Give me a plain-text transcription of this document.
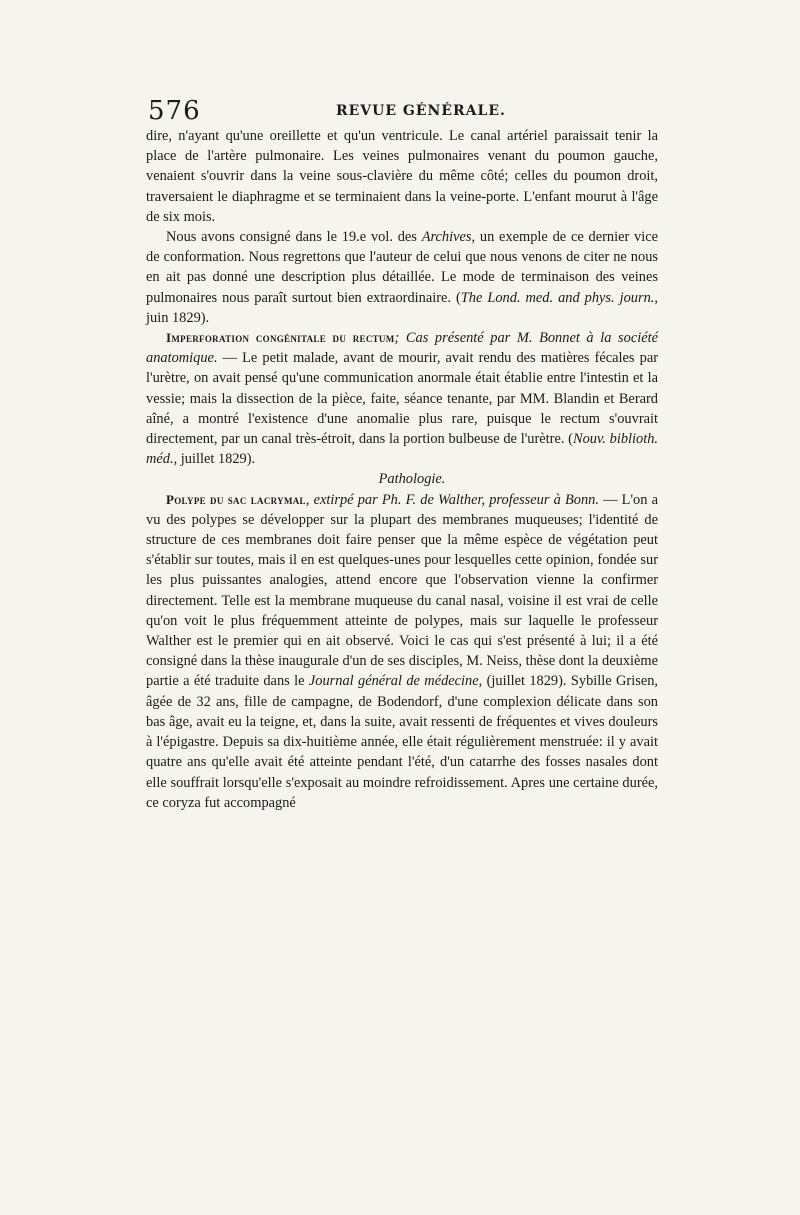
576	REVUE GÉNÉRALE.

dire, n'ayant qu'une oreillette et qu'un ventricule. Le canal artériel paraissait tenir la place de l'artère pulmonaire. Les veines pulmonaires venant du poumon gauche, venaient s'ouvrir dans la veine sous-clavière du même côté; celles du poumon droit, traversaient le diaphragme et se terminaient dans la veine-porte. L'enfant mourut à l'âge de six mois.

Nous avons consigné dans le 19.e vol. des Archives, un exemple de ce dernier vice de conformation. Nous regrettons que l'auteur de celui que nous venons de citer ne nous en ait pas donné une description plus détaillée. Le mode de terminaison des veines pulmonaires nous paraît surtout bien extraordinaire. (The Lond. med. and phys. journ., juin 1829).

Imperforation congénitale du rectum; Cas présenté par M. Bonnet à la société anatomique. — Le petit malade, avant de mourir, avait rendu des matières fécales par l'urètre, on avait pensé qu'une communication anormale était établie entre l'intestin et la vessie; mais la dissection de la pièce, faite, séance tenante, par MM. Blandin et Berard aîné, a montré l'existence d'une anomalie plus rare, puisque le rectum s'ouvrait directement, par un canal très-étroit, dans la portion bulbeuse de l'urètre. (Nouv. biblioth. méd., juillet 1829).

Pathologie.

Polype du sac lacrymal, extirpé par Ph. F. de Walther, professeur à Bonn. — L'on a vu des polypes se développer sur la plupart des membranes muqueuses; l'identité de structure de ces membranes doit faire penser que la même espèce de végétation peut s'établir sur toutes, mais il en est quelques-unes pour lesquelles cette opinion, fondée sur les plus puissantes analogies, attend encore que l'observation vienne la confirmer directement. Telle est la membrane muqueuse du canal nasal, voisine il est vrai de celle qu'on voit le plus fréquemment atteinte de polypes, mais sur laquelle le professeur Walther est le premier qui en ait observé. Voici le cas qui s'est présenté à lui; il a été consigné dans la thèse inaugurale d'un de ses disciples, M. Neiss, thèse dont la deuxième partie a été traduite dans le Journal général de médecine, (juillet 1829). Sybille Grisen, âgée de 32 ans, fille de campagne, de Bodendorf, d'une complexion délicate dans son bas âge, avait eu la teigne, et, dans la suite, avait ressenti de fréquentes et vives douleurs à l'épigastre. Depuis sa dix-huitième année, elle était régulièrement menstruée: il y avait quatre ans qu'elle avait été atteinte pendant l'été, d'un catarrhe des fosses nasales dont elle souffrait lorsqu'elle s'exposait au moindre refroidissement. Apres une certaine durée, ce coryza fut accompagné
